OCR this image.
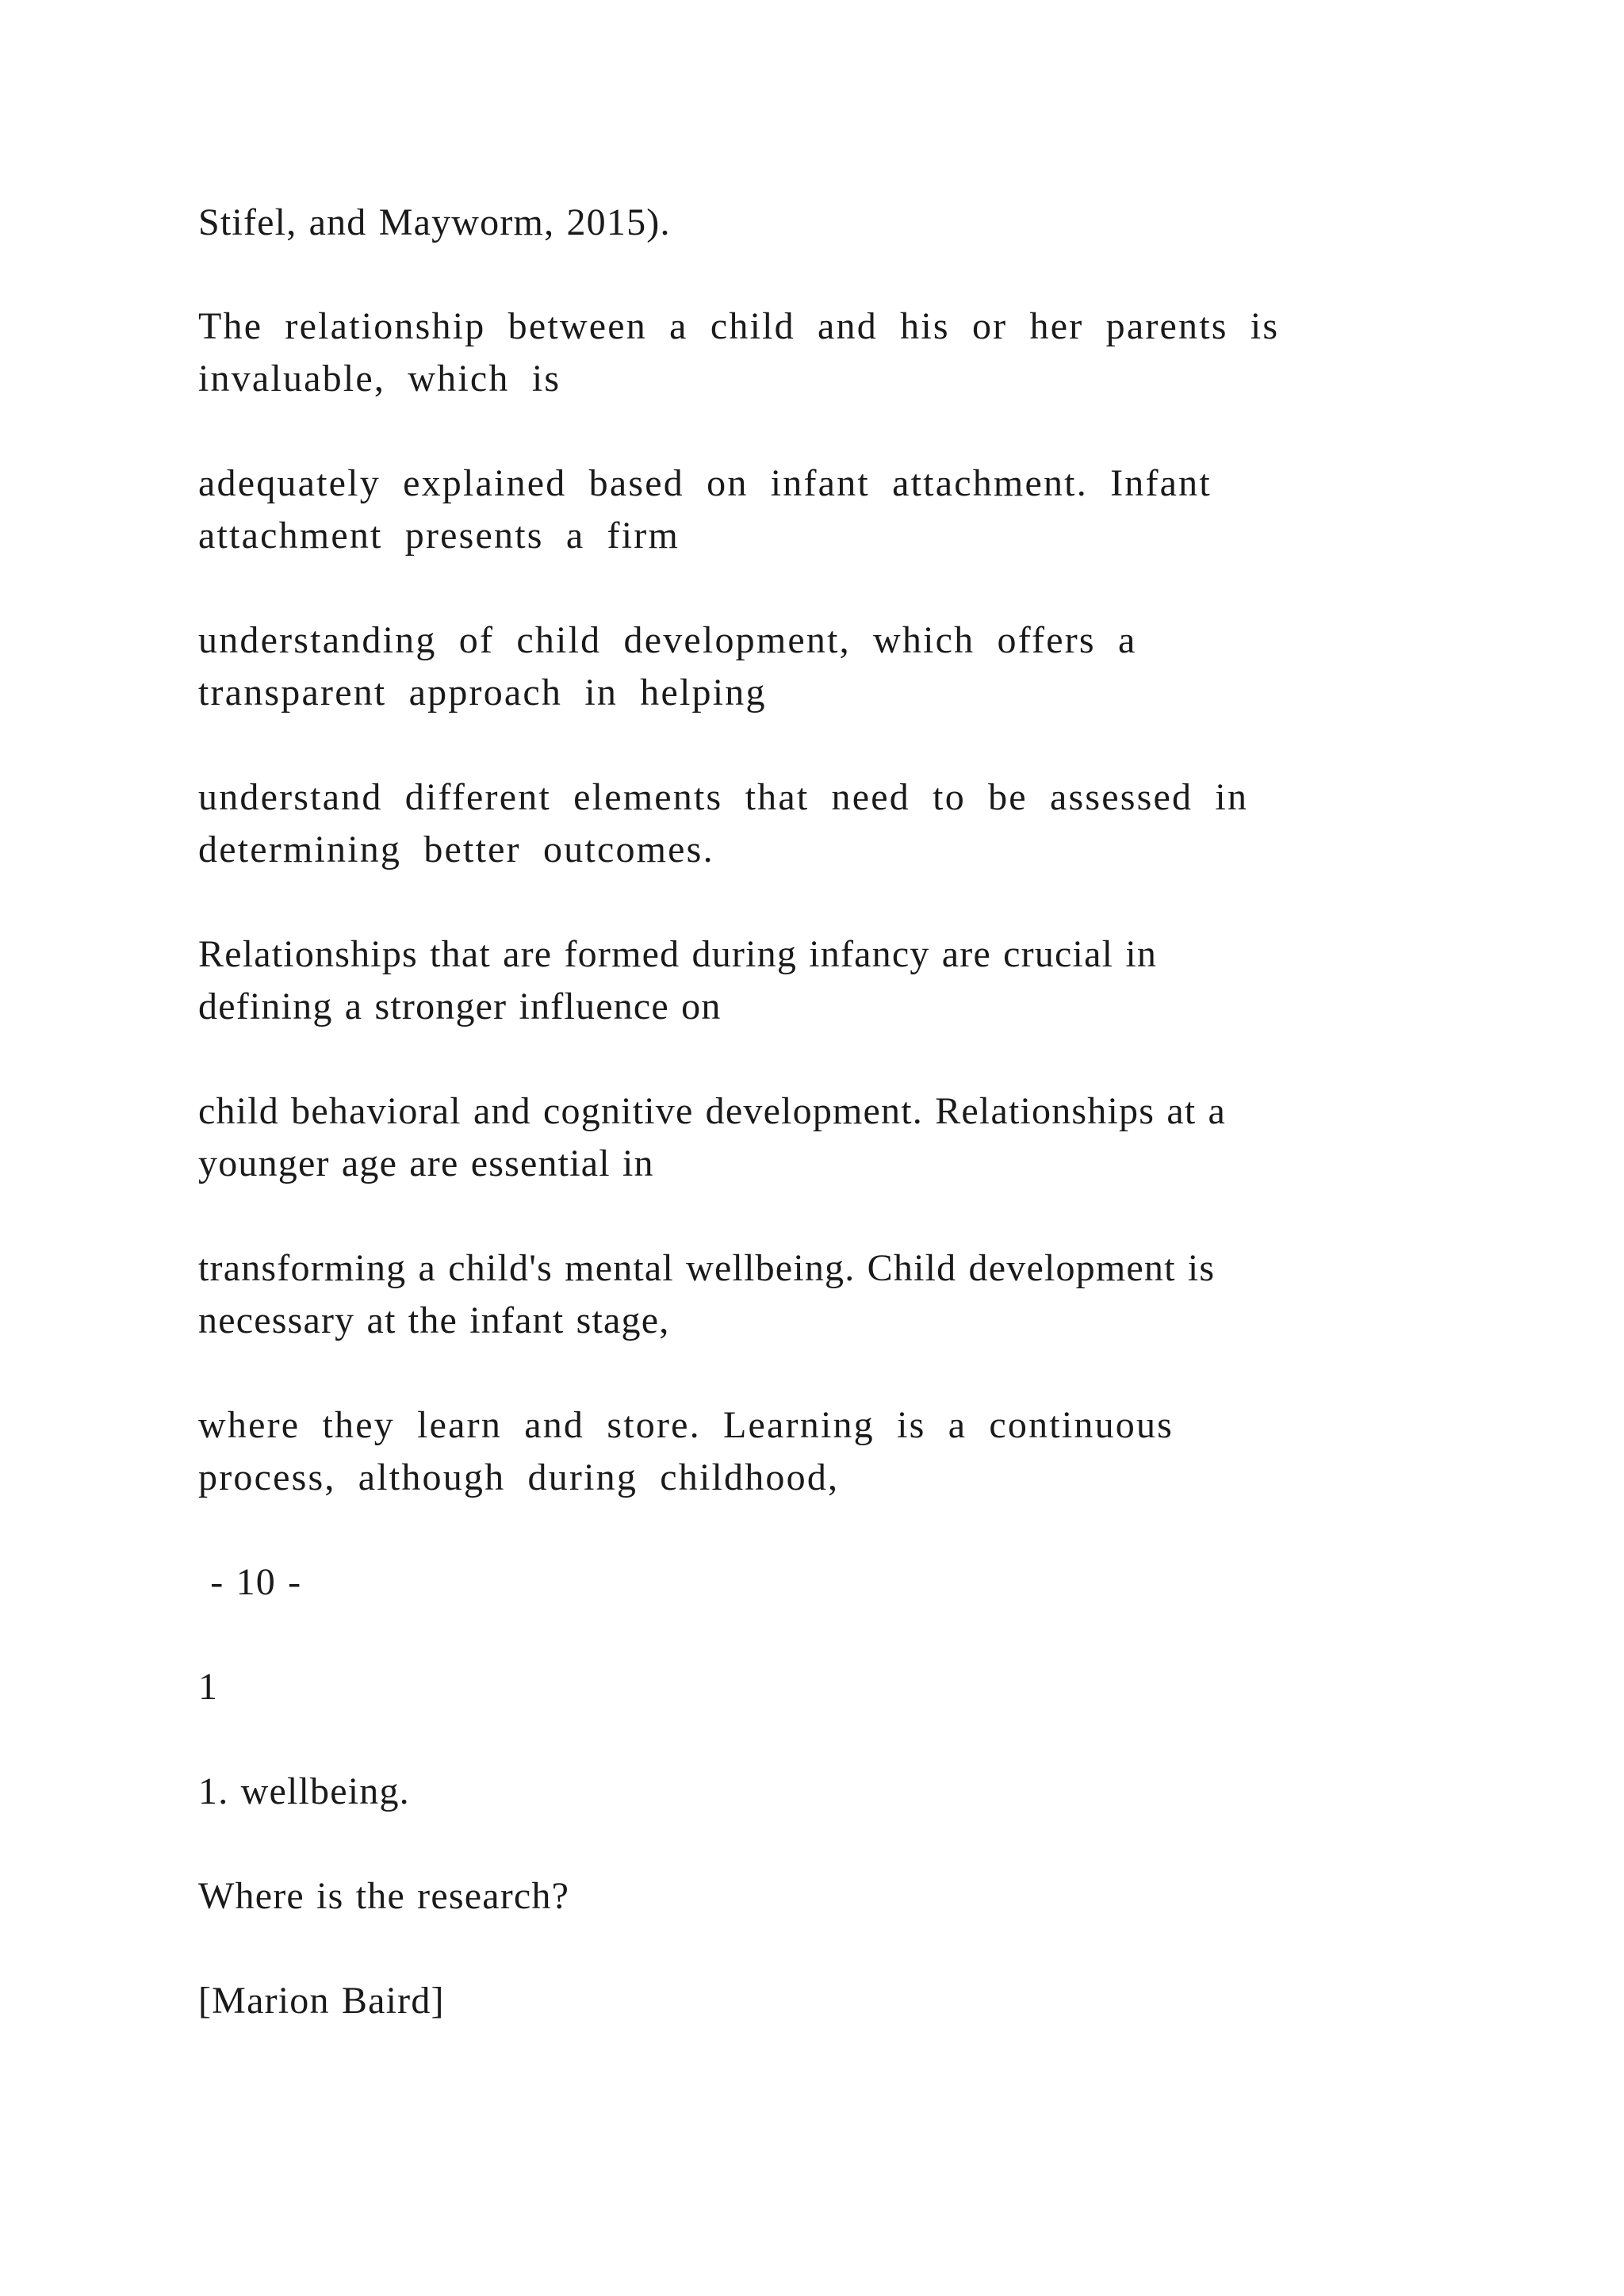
Stifel, and Mayworm, 2015).
The relationship between a child and his or her parents is
invaluable, which is
adequately explained based on infant attachment. Infant
attachment presents a firm
understanding of child development, which offers a
transparent approach in helping
understand different elements that need to be assessed in
determining better outcomes.
Relationships that are formed during infancy are crucial in
defining a stronger influence on
child behavioral and cognitive development. Relationships at a
younger age are essential in
transforming a child's mental wellbeing. Child development is
necessary at the infant stage,
where they learn and store. Learning is a continuous
process, although during childhood,
- 10 -
1
1. wellbeing.
Where is the research?
[Marion Baird]
